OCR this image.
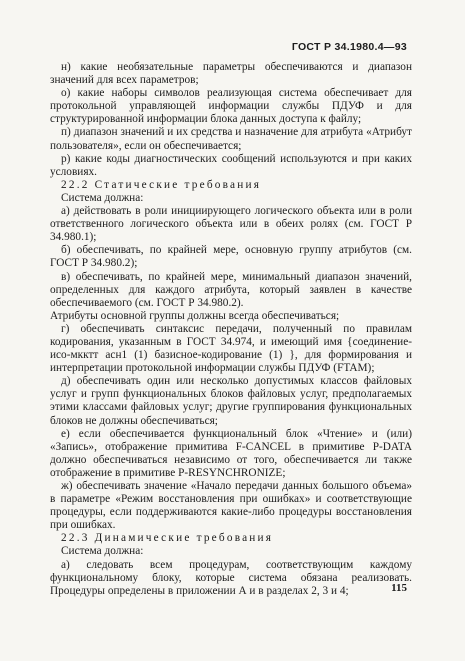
ГОСТ Р 34.1980.4—93

н) какие необязательные параметры обеспечиваются и диапазон значений для всех параметров;

о) какие наборы символов реализующая система обеспечивает для протокольной управляющей информации службы ПДУФ и для структурированной информации блока данных доступа к файлу;

п) диапазон значений и их средства и назначение для атрибута «Атрибут пользователя», если он обеспечивается;

р) какие коды диагностических сообщений используются и при каких условиях.

22.2 Статические требования

Система должна:

а) действовать в роли инициирующего логического объекта или в роли ответственного логического объекта или в обеих ролях (см. ГОСТ Р 34.980.1);

б) обеспечивать, по крайней мере, основную группу атрибутов (см. ГОСТ Р 34.980.2);

в) обеспечивать, по крайней мере, минимальный диапазон значений, определенных для каждого атрибута, который заявлен в качестве обеспечиваемого (см. ГОСТ Р 34.980.2).

Атрибуты основной группы должны всегда обеспечиваться;

г) обеспечивать синтаксис передачи, полученный по правилам кодирования, указанным в ГОСТ 34.974, и имеющий имя {соединение-исо-мкктт асн1 (1) базисное-кодирование (1) }, для формирования и интерпретации протокольной информации службы ПДУФ (FTAM);

д) обеспечивать один или несколько допустимых классов файловых услуг и групп функциональных блоков файловых услуг, предполагаемых этими классами файловых услуг; другие группирования функциональных блоков не должны обеспечиваться;

е) если обеспечивается функциональный блок «Чтение» и (или) «Запись», отображение примитива F-CANCEL в примитиве P-DATA должно обеспечиваться независимо от того, обеспечивается ли также отображение в примитиве P-RESYNCHRONIZE;

ж) обеспечивать значение «Начало передачи данных большого объема» в параметре «Режим восстановления при ошибках» и соответствующие процедуры, если поддерживаются какие-либо процедуры восстановления при ошибках.

22.3 Динамические требования

Система должна:

а) следовать всем процедурам, соответствующим каждому функциональному блоку, которые система обязана реализовать. Процедуры определены в приложении А и в разделах 2, 3 и 4;	115
